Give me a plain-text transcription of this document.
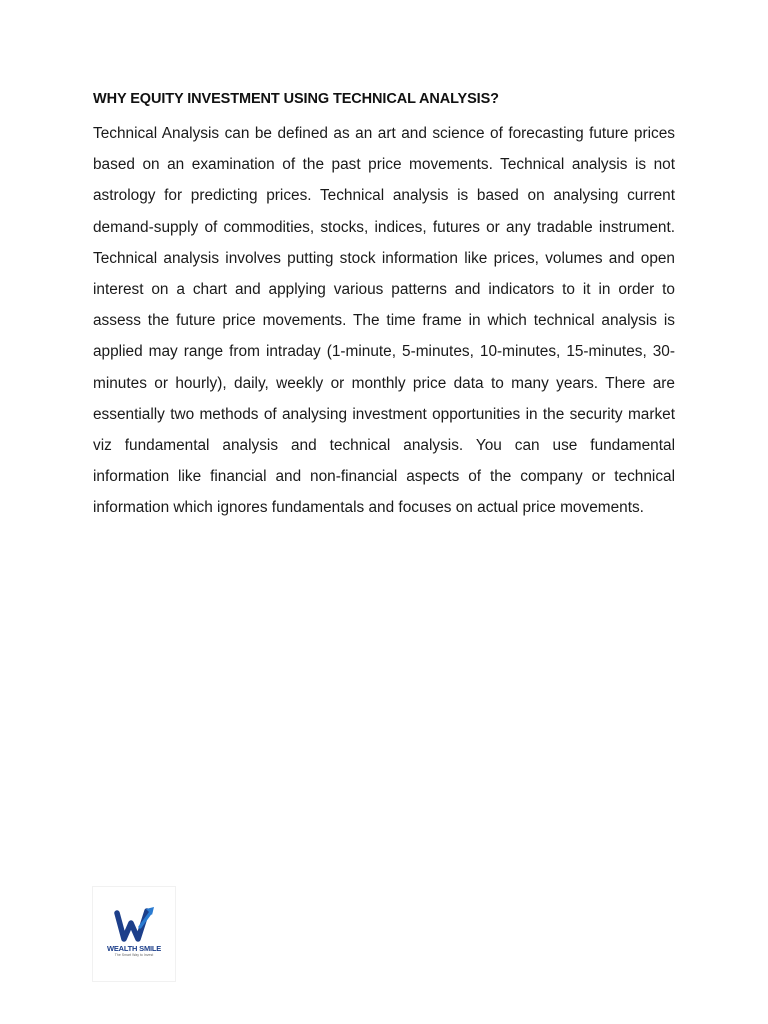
WHY EQUITY INVESTMENT USING TECHNICAL ANALYSIS?

Technical Analysis can be defined as an art and science of forecasting future prices based on an examination of the past price movements. Technical analysis is not astrology for predicting prices. Technical analysis is based on analysing current demand-supply of commodities, stocks, indices, futures or any tradable instrument. Technical analysis involves putting stock information like prices, volumes and open interest on a chart and applying various patterns and indicators to it in order to assess the future price movements. The time frame in which technical analysis is applied may range from intraday (1-minute, 5-minutes, 10-minutes, 15-minutes, 30-minutes or hourly), daily, weekly or monthly price data to many years. There are essentially two methods of analysing investment opportunities in the security market viz fundamental analysis and technical analysis. You can use fundamental information like financial and non-financial aspects of the company or technical information which ignores fundamentals and focuses on actual price movements.

WEALTH SMILE
The Smart Way to Invest
